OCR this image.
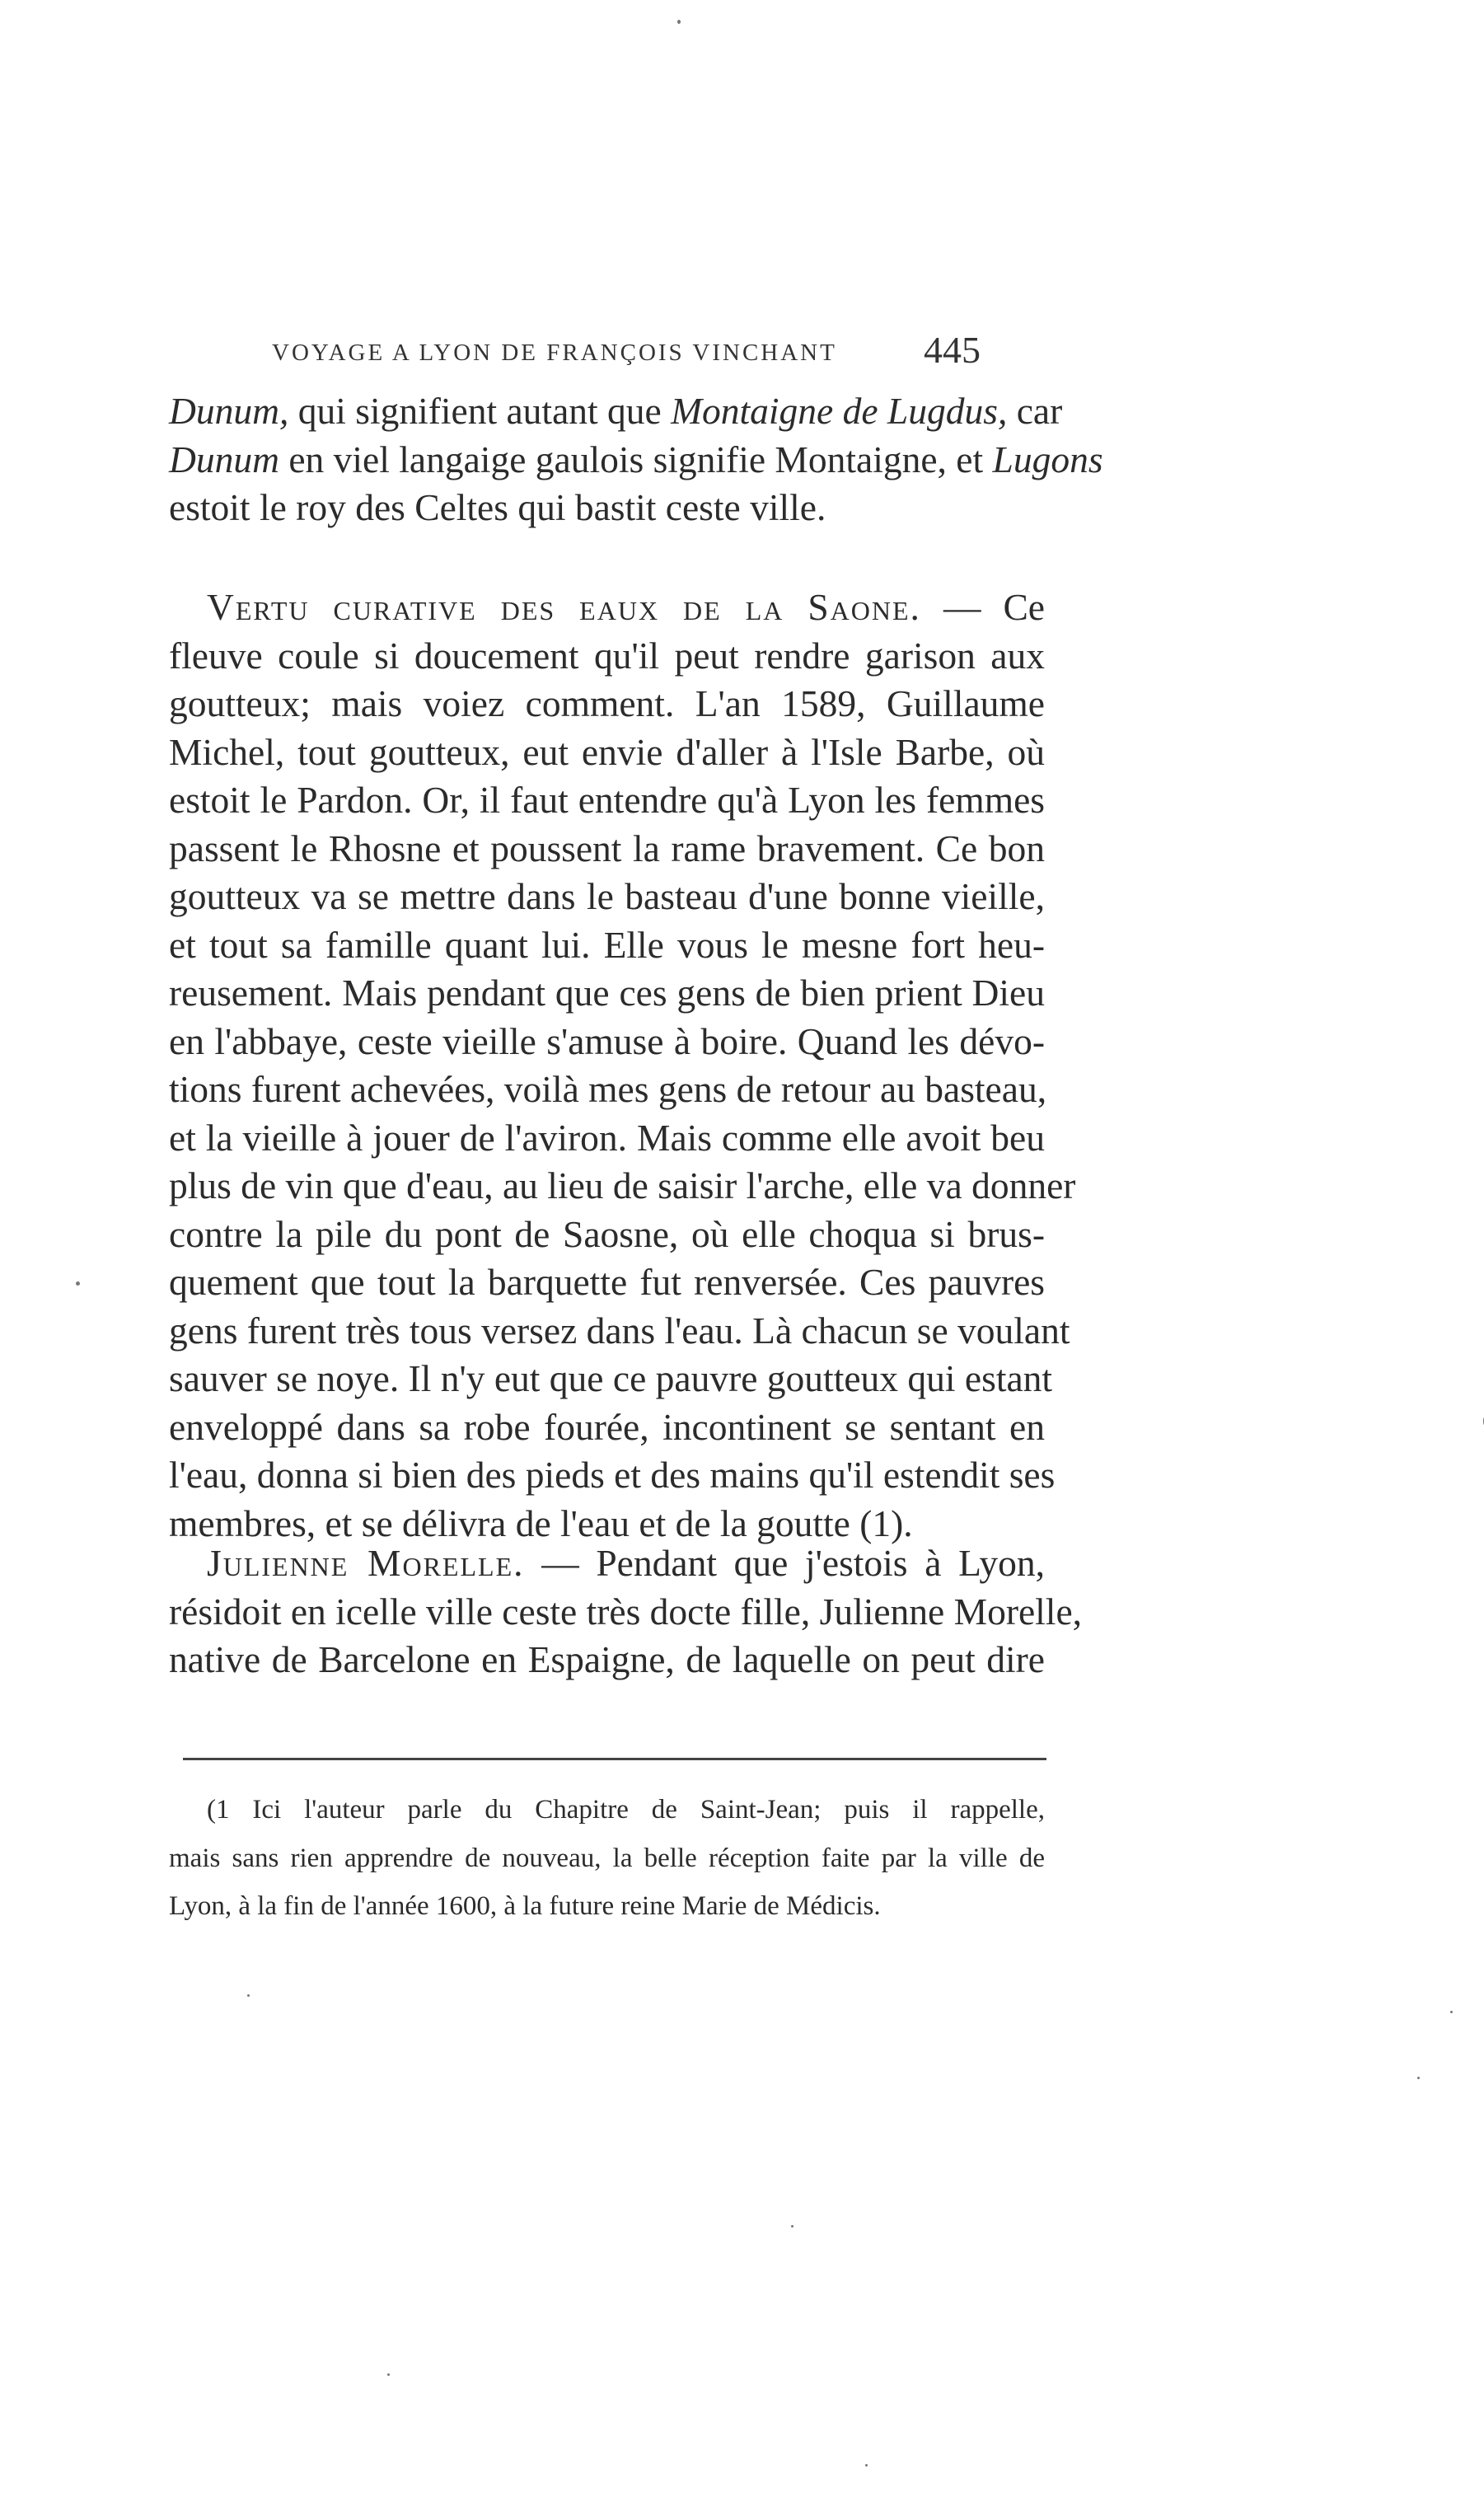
VOYAGE A LYON DE FRANÇOIS VINCHANT 445
Dunum, qui signifient autant que Montaigne de Lugdus, car
Dunum en viel langaige gaulois signifie Montaigne, et Lugons
estoit le roy des Celtes qui bastit ceste ville.
Vertu curative des eaux de la Saone. — Ce
fleuve coule si doucement qu'il peut rendre garison aux
goutteux; mais voiez comment. L'an 1589, Guillaume
Michel, tout goutteux, eut envie d'aller à l'Isle Barbe, où
estoit le Pardon. Or, il faut entendre qu'à Lyon les femmes
passent le Rhosne et poussent la rame bravement. Ce bon
goutteux va se mettre dans le basteau d'une bonne vieille,
et tout sa famille quant lui. Elle vous le mesne fort heu-
reusement. Mais pendant que ces gens de bien prient Dieu
en l'abbaye, ceste vieille s'amuse à boire. Quand les dévo-
tions furent achevées, voilà mes gens de retour au basteau,
et la vieille à jouer de l'aviron. Mais comme elle avoit beu
plus de vin que d'eau, au lieu de saisir l'arche, elle va donner
contre la pile du pont de Saosne, où elle choqua si brus-
quement que tout la barquette fut renversée. Ces pauvres
gens furent très tous versez dans l'eau. Là chacun se voulant
sauver se noye. Il n'y eut que ce pauvre goutteux qui estant
enveloppé dans sa robe fourée, incontinent se sentant en
l'eau, donna si bien des pieds et des mains qu'il estendit ses
membres, et se délivra de l'eau et de la goutte (1).
Julienne Morelle. — Pendant que j'estois à Lyon,
résidoit en icelle ville ceste très docte fille, Julienne Morelle,
native de Barcelone en Espaigne, de laquelle on peut dire
(1 Ici l'auteur parle du Chapitre de Saint-Jean; puis il rappelle,
mais sans rien apprendre de nouveau, la belle réception faite par la ville de
Lyon, à la fin de l'année 1600, à la future reine Marie de Médicis.
